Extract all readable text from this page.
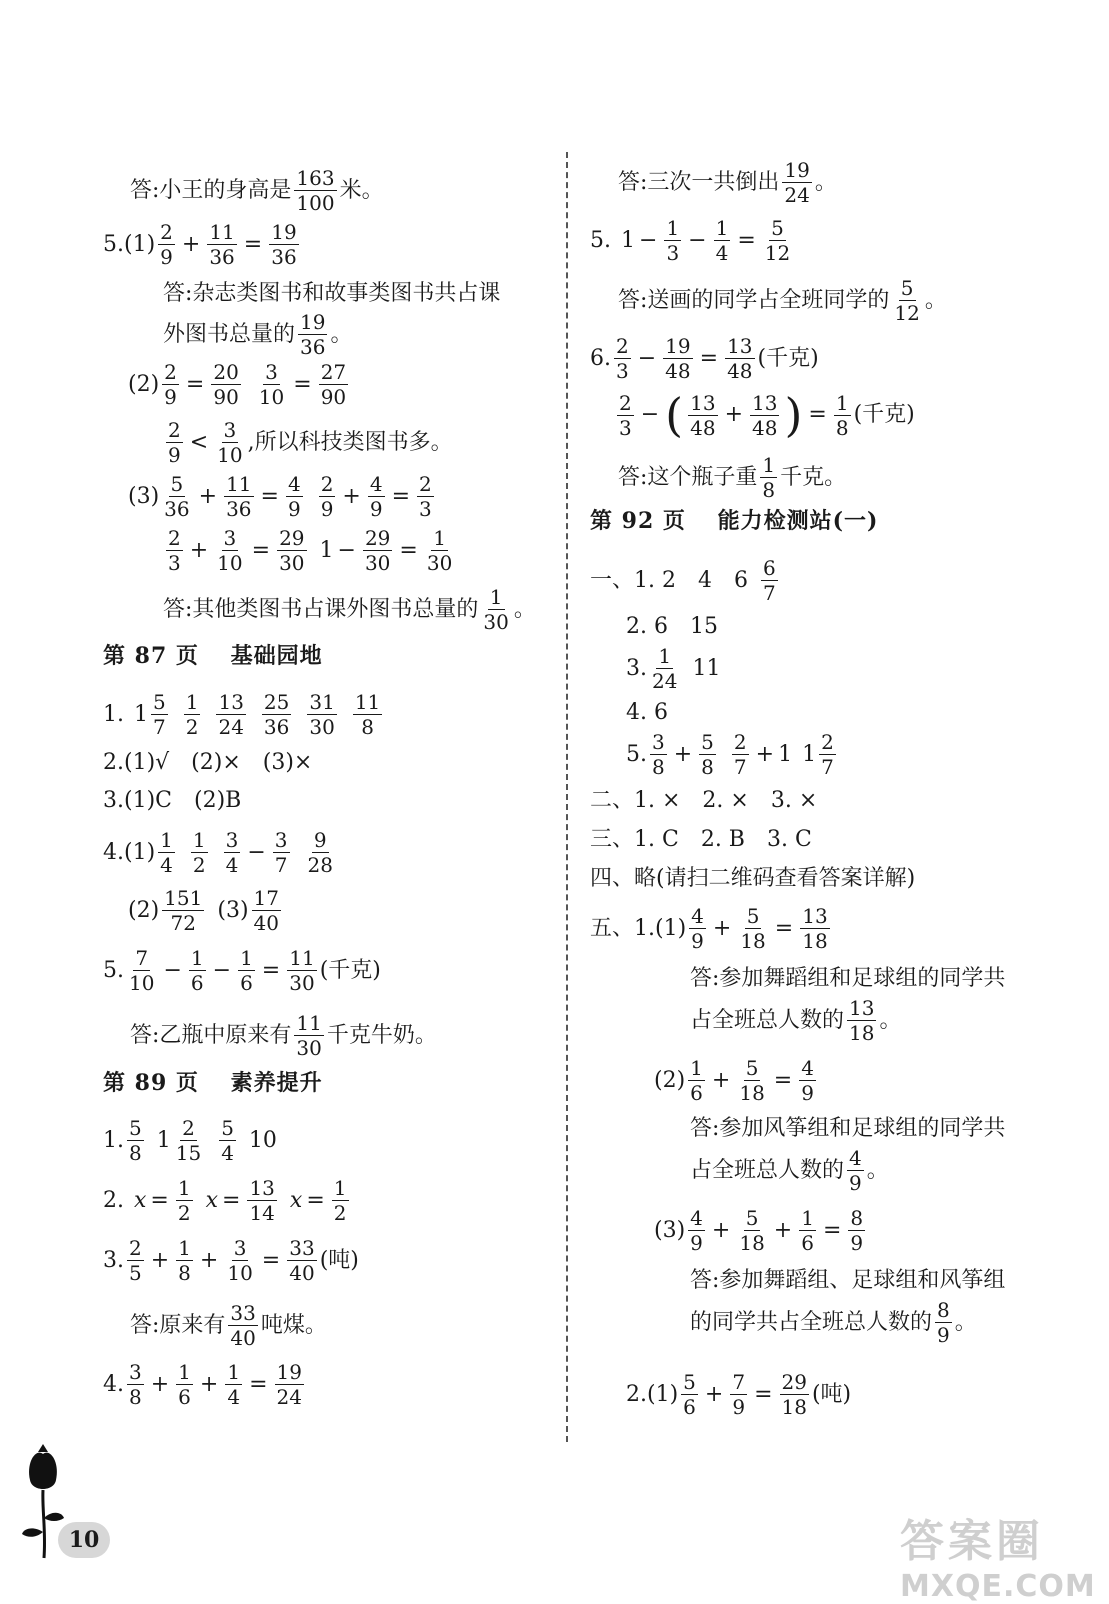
答:小王的身高是 $\frac{163}{100}$ 米。
$5.(1) \frac{2}{9} + \frac{11}{36} = \frac{19}{36}$
答:杂志类图书和故事类图书共占课
外图书总量的 $\frac{19}{36}$ 。
$(2) \frac{2}{9} = \frac{20}{90} \frac{3}{10} = \frac{27}{90}$
$\frac{2}{9} < \frac{3}{10}$ ,所以科技类图书多。
$(3) \frac{5}{36} + \frac{11}{36} = \frac{4}{9} \frac{2}{9} + \frac{4}{9} = \frac{2}{3}$
$\frac{2}{3} + \frac{3}{10} = \frac{29}{30} 1 - \frac{29}{30} = \frac{1}{30}$
答:其他类图书占课外图书总量的 $\frac{1}{30}$ 。
第 87 页　 基础园地
1. $1 \frac{5}{7} \frac{1}{2} \frac{13}{24} \frac{25}{36} \frac{31}{30} \frac{11}{8}$
2.(1)√　(2)×　(3)×
3.(1)C　(2)B
$4.(1) \frac{1}{4} \frac{1}{2} \frac{3}{4} - \frac{3}{7} \frac{9}{28}$
$(2) \frac{151}{72} (3) \frac{17}{40}$
5. $\frac{7}{10} - \frac{1}{6} - \frac{1}{6} = \frac{11}{30}$ (千克)
答:乙瓶中原来有 $\frac{11}{30}$ 千克牛奶。
第 89 页　 素养提升
1. $\frac{5}{8} 1 \frac{2}{15} \frac{5}{4} 10$
2. $x = \frac{1}{2}$ $x = \frac{13}{14}$ $x = \frac{1}{2}$
3. $\frac{2}{5} + \frac{1}{8} + \frac{3}{10} = \frac{33}{40}$ (吨)
答:原来有 $\frac{33}{40}$ 吨煤。
4. $\frac{3}{8} + \frac{1}{6} + \frac{1}{4} = \frac{19}{24}$
答:三次一共倒出 $\frac{19}{24}$ 。
5. $1 - \frac{1}{3} - \frac{1}{4} = \frac{5}{12}$
答:送画的同学占全班同学的 $\frac{5}{12}$ 。
6. $\frac{2}{3} - \frac{19}{48} = \frac{13}{48}$ (千克)
$\frac{2}{3}$ − ( $\frac{13}{48} + \frac{13}{48}$ ) = $\frac{1}{8}$ (千克)
答:这个瓶子重 $\frac{1}{8}$ 千克。
第 92 页　 能力检测站(一)
一、1. 2　4　$6 \frac{6}{7}$
2. 6　15
3. $\frac{1}{24} 11$
4. 6
5. $\frac{3}{8} + \frac{5}{8} \frac{2}{7} + 1$ $1 \frac{2}{7}$
二、1. ×　2. ×　3. ×
三、1. C　2. B　3. C
四、略(请扫二维码查看答案详解)
五、$1.(1) \frac{4}{9} + \frac{5}{18} = \frac{13}{18}$
答:参加舞蹈组和足球组的同学共
占全班总人数的 $\frac{13}{18}$ 。
$(2) \frac{1}{6} + \frac{5}{18} = \frac{4}{9}$
答:参加风筝组和足球组的同学共
占全班总人数的 $\frac{4}{9}$ 。
$(3) \frac{4}{9} + \frac{5}{18} + \frac{1}{6} = \frac{8}{9}$
答:参加舞蹈组、足球组和风筝组
的同学共占全班总人数的 $\frac{8}{9}$ 。
$2.(1) \frac{5}{6} + \frac{7}{9} = \frac{29}{18}$ (吨)
10	答案圈
MXQE.COM
